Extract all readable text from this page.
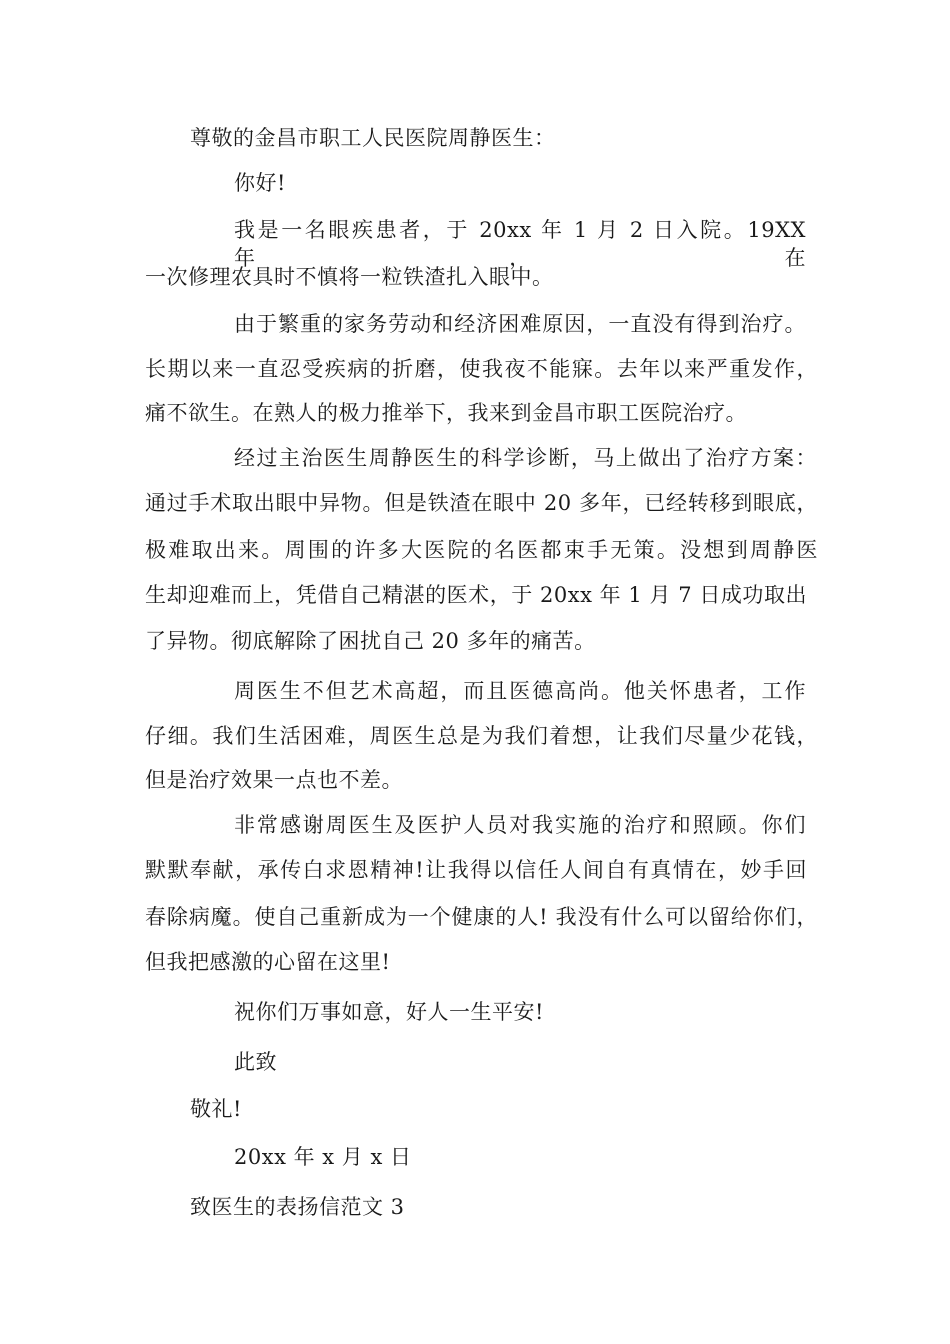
尊敬的金昌市职工人民医院周静医生：
你好!
我是一名眼疾患者，于 20xx 年 1 月 2 日入院。19XX 年，在
一次修理农具时不慎将一粒铁渣扎入眼中。
由于繁重的家务劳动和经济困难原因，一直没有得到治疗。
长期以来一直忍受疾病的折磨，使我夜不能寐。去年以来严重发作，
痛不欲生。在熟人的极力推举下，我来到金昌市职工医院治疗。
经过主治医生周静医生的科学诊断，马上做出了治疗方案：
通过手术取出眼中异物。但是铁渣在眼中 20 多年，已经转移到眼底，
极难取出来。周围的许多大医院的名医都束手无策。没想到周静医
生却迎难而上，凭借自己精湛的医术，于 20xx 年 1 月 7 日成功取出
了异物。彻底解除了困扰自己 20 多年的痛苦。
周医生不但艺术高超，而且医德高尚。他关怀患者，工作
仔细。我们生活困难，周医生总是为我们着想，让我们尽量少花钱，
但是治疗效果一点也不差。
非常感谢周医生及医护人员对我实施的治疗和照顾。你们
默默奉献，承传白求恩精神!让我得以信任人间自有真情在，妙手回
春除病魔。使自己重新成为一个健康的人! 我没有什么可以留给你们，
但我把感激的心留在这里!
祝你们万事如意，好人一生平安!
此致
敬礼!
20xx 年 x 月 x 日
致医生的表扬信范文 3
